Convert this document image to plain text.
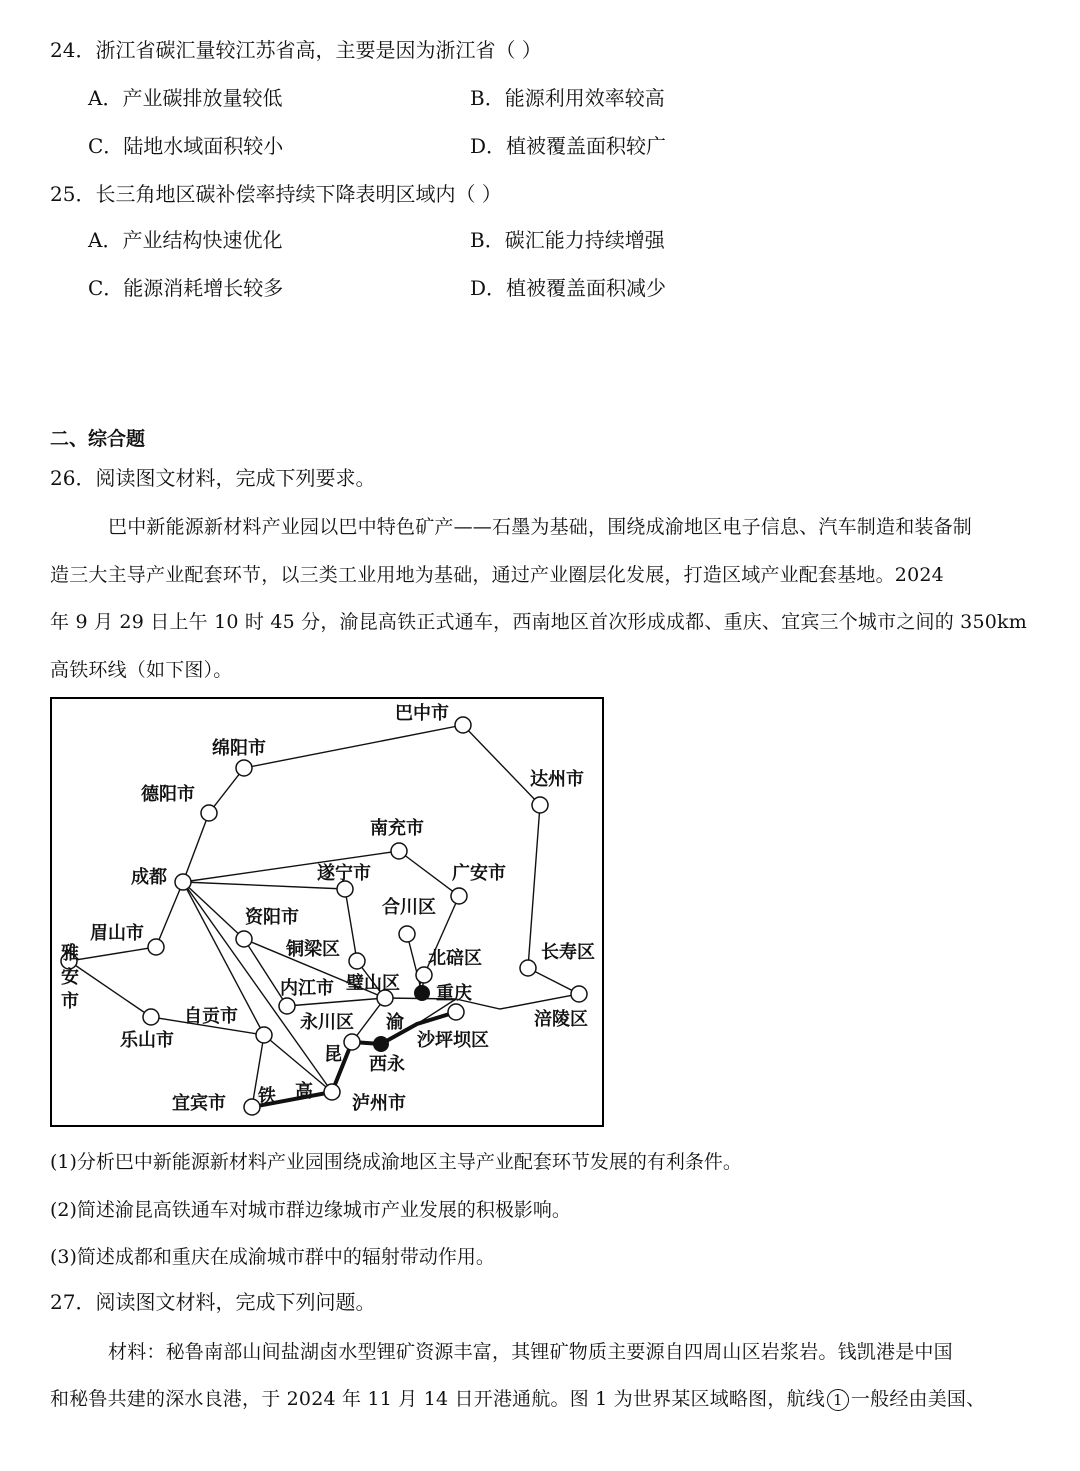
24．浙江省碳汇量较江苏省高，主要是因为浙江省（ ）
A．产业碳排放量较低	B．能源利用效率较高
C．陆地水域面积较小	D．植被覆盖面积较广
25．长三角地区碳补偿率持续下降表明区域内（ ）
A．产业结构快速优化	B．碳汇能力持续增强
C．能源消耗增长较多	D．植被覆盖面积减少
二、综合题
26．阅读图文材料，完成下列要求。
巴中新能源新材料产业园以巴中特色矿产——石墨为基础，围绕成渝地区电子信息、汽车制造和装备制
造三大主导产业配套环节，以三类工业用地为基础，通过产业圈层化发展，打造区域产业配套基地。2024
年 9 月 29 日上午 10 时 45 分，渝昆高铁正式通车，西南地区首次形成成都、重庆、宜宾三个城市之间的 350km
高铁环线（如下图）。
巴中市
绵阳市
达州市
德阳市
南充市
成都	遂宁市	广安市
合川区
资阳市
眉山市
铜梁区	北碚区	长寿区
雅
安
市
内江市 璧山区 重庆
涪陵区
自贡市	永川区 渝
沙坪坝区
乐山市
昆 西永
宜宾市 铁 高
泸州市
(1)分析巴中新能源新材料产业园围绕成渝地区主导产业配套环节发展的有利条件。
(2)简述渝昆高铁通车对城市群边缘城市产业发展的积极影响。
(3)简述成都和重庆在成渝城市群中的辐射带动作用。
27．阅读图文材料，完成下列问题。
材料：秘鲁南部山间盐湖卤水型锂矿资源丰富，其锂矿物质主要源自四周山区岩浆岩。钱凯港是中国
和秘鲁共建的深水良港，于 2024 年 11 月 14 日开港通航。图 1 为世界某区域略图，航线 1 一般经由美国、
